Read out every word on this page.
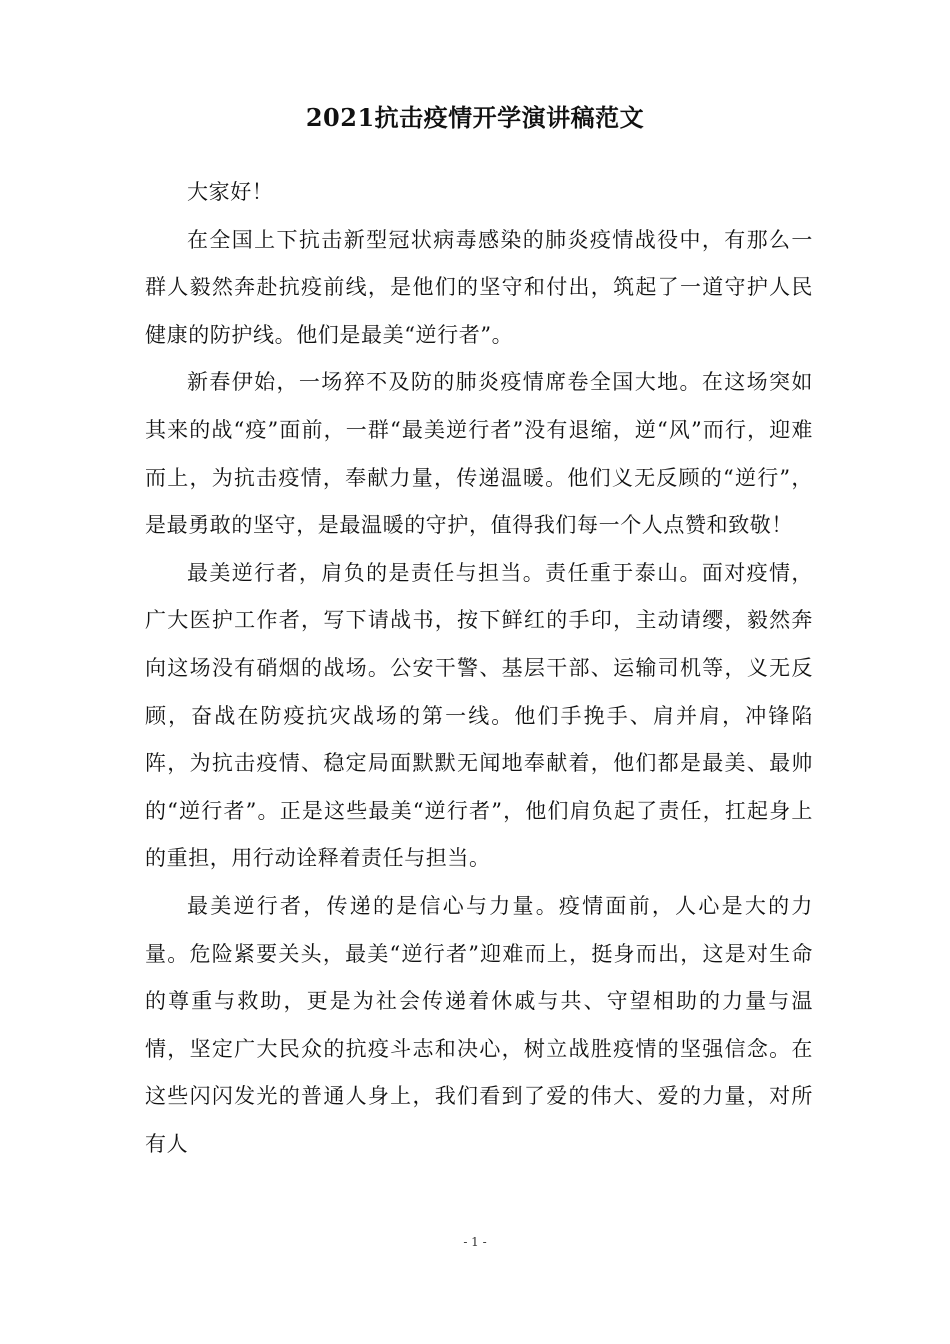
2021抗击疫情开学演讲稿范文

大家好！

在全国上下抗击新型冠状病毒感染的肺炎疫情战役中，有那么一群人毅然奔赴抗疫前线，是他们的坚守和付出，筑起了一道守护人民健康的防护线。他们是最美“逆行者”。

新春伊始，一场猝不及防的肺炎疫情席卷全国大地。在这场突如其来的战“疫”面前，一群“最美逆行者”没有退缩，逆“风”而行，迎难而上，为抗击疫情，奉献力量，传递温暖。他们义无反顾的“逆行”，是最勇敢的坚守，是最温暖的守护，值得我们每一个人点赞和致敬！

最美逆行者，肩负的是责任与担当。责任重于泰山。面对疫情，广大医护工作者，写下请战书，按下鲜红的手印，主动请缨，毅然奔向这场没有硝烟的战场。公安干警、基层干部、运输司机等，义无反顾，奋战在防疫抗灾战场的第一线。他们手挽手、肩并肩，冲锋陷阵，为抗击疫情、稳定局面默默无闻地奉献着，他们都是最美、最帅的“逆行者”。正是这些最美“逆行者”，他们肩负起了责任，扛起身上的重担，用行动诠释着责任与担当。

最美逆行者，传递的是信心与力量。疫情面前，人心是大的力量。危险紧要关头，最美“逆行者”迎难而上，挺身而出，这是对生命的尊重与救助，更是为社会传递着休戚与共、守望相助的力量与温情，坚定广大民众的抗疫斗志和决心，树立战胜疫情的坚强信念。在这些闪闪发光的普通人身上，我们看到了爱的伟大、爱的力量，对所有人

- 1 -
